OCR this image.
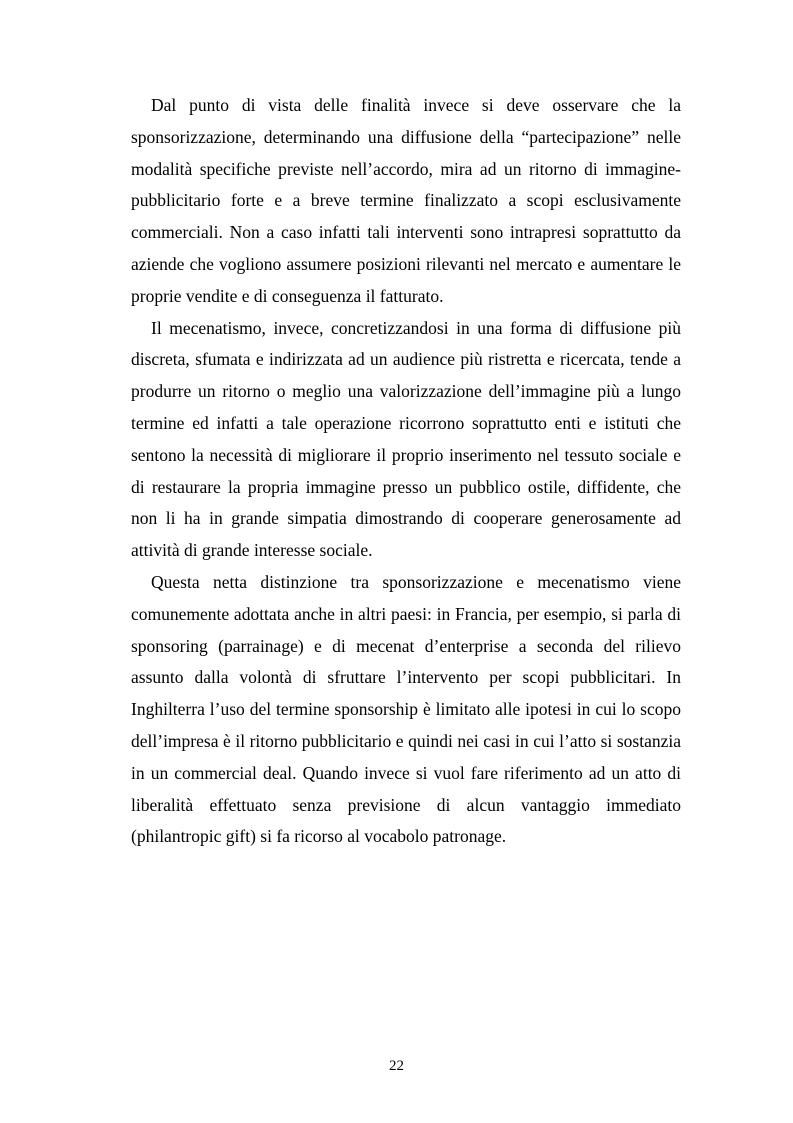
Dal punto di vista delle finalità invece si deve osservare che la sponsorizzazione, determinando una diffusione della “partecipazione” nelle modalità specifiche previste nell’accordo, mira ad un ritorno di immagine-pubblicitario forte e a breve termine finalizzato a scopi esclusivamente commerciali. Non a caso infatti tali interventi sono intrapresi soprattutto da aziende che vogliono assumere posizioni rilevanti nel mercato e aumentare le proprie vendite e di conseguenza il fatturato.

Il mecenatismo, invece, concretizzandosi in una forma di diffusione più discreta, sfumata e indirizzata ad un audience più ristretta e ricercata, tende a produrre un ritorno o meglio una valorizzazione dell’immagine più a lungo termine ed infatti a tale operazione ricorrono soprattutto enti e istituti che sentono la necessità di migliorare il proprio inserimento nel tessuto sociale e di restaurare la propria immagine presso un pubblico ostile, diffidente, che non li ha in grande simpatia dimostrando di cooperare generosamente ad attività di grande interesse sociale.

Questa netta distinzione tra sponsorizzazione e mecenatismo viene comunemente adottata anche in altri paesi: in Francia, per esempio, si parla di sponsoring (parrainage) e di mecenat d’enterprise a seconda del rilievo assunto dalla volontà di sfruttare l’intervento per scopi pubblicitari. In Inghilterra l’uso del termine sponsorship è limitato alle ipotesi in cui lo scopo dell’impresa è il ritorno pubblicitario e quindi nei casi in cui l’atto si sostanzia in un commercial deal. Quando invece si vuol fare riferimento ad un atto di liberalità effettuato senza previsione di alcun vantaggio immediato (philantropic gift) si fa ricorso al vocabolo patronage.

22
